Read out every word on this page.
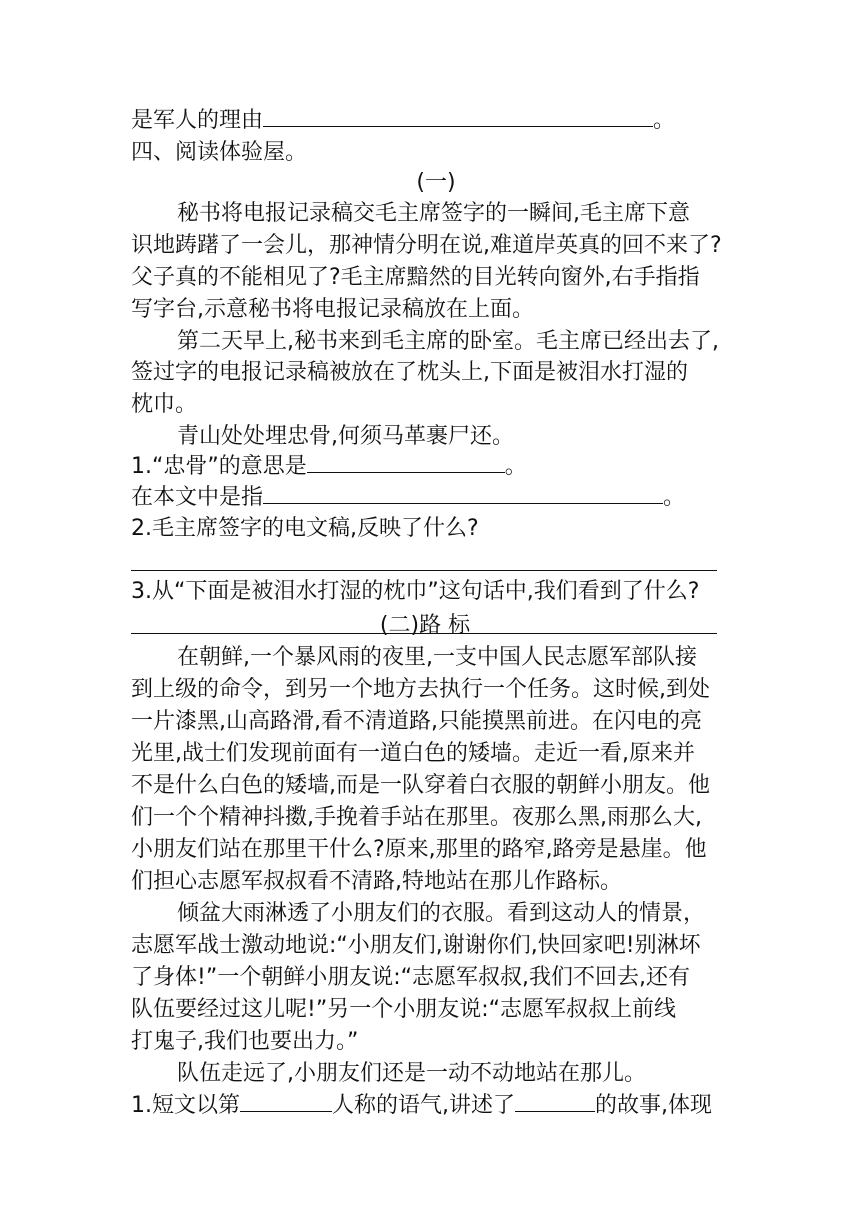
是军人的理由	。
四、阅读体验屋。
(一)
秘书将电报记录稿交毛主席签字的一瞬间,毛主席下意
识地踌躇了一会儿，那神情分明在说,难道岸英真的回不来了?
父子真的不能相见了?毛主席黯然的目光转向窗外,右手指指
写字台,示意秘书将电报记录稿放在上面。
第二天早上,秘书来到毛主席的卧室。毛主席已经出去了,
签过字的电报记录稿被放在了枕头上,下面是被泪水打湿的
枕巾。
青山处处埋忠骨,何须马革裹尸还。
1.“忠骨”的意思是	。
在本文中是指	。
2.毛主席签字的电文稿,反映了什么?
3.从“下面是被泪水打湿的枕巾”这句话中,我们看到了什么?
(二)路 标
在朝鲜,一个暴风雨的夜里,一支中国人民志愿军部队接
到上级的命令，到另一个地方去执行一个任务。这时候,到处
一片漆黑,山高路滑,看不清道路,只能摸黑前进。在闪电的亮
光里,战士们发现前面有一道白色的矮墙。走近一看,原来并
不是什么白色的矮墙,而是一队穿着白衣服的朝鲜小朋友。他
们一个个精神抖擞,手挽着手站在那里。夜那么黑,雨那么大,
小朋友们站在那里干什么?原来,那里的路窄,路旁是悬崖。他
们担心志愿军叔叔看不清路,特地站在那儿作路标。
倾盆大雨淋透了小朋友们的衣服。看到这动人的情景，
志愿军战士激动地说:“小朋友们,谢谢你们,快回家吧!别淋坏
了身体!”一个朝鲜小朋友说:“志愿军叔叔,我们不回去,还有
队伍要经过这儿呢!”另一个小朋友说:“志愿军叔叔上前线
打鬼子,我们也要出力。”
队伍走远了,小朋友们还是一动不动地站在那儿。
1.短文以第	人称的语气,讲述了	的故事,体现
